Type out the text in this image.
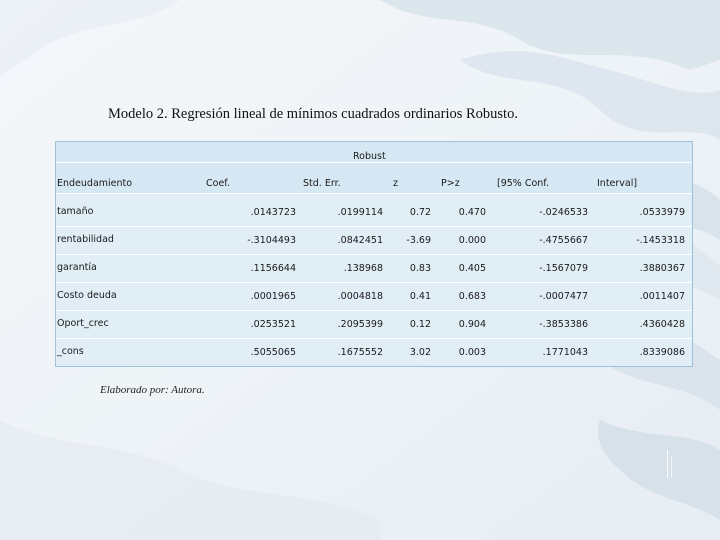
Modelo 2. Regresión lineal de mínimos cuadrados ordinarios Robusto.
Robust
Endeudamiento	Coef.	Std. Err.	z	P>z	[95% Conf.	Interval]
tamaño	.0143723	.0199114	0.72	0.470	-.0246533	.0533979
rentabilidad	-.3104493	.0842451	-3.69	0.000	-.4755667	-.1453318
garantía	.1156644	.138968	0.83	0.405	-.1567079	.3880367
Costo deuda	.0001965	.0004818	0.41	0.683	-.0007477	.0011407
Oport_crec	.0253521	.2095399	0.12	0.904	-.3853386	.4360428
_cons	.5055065	.1675552	3.02	0.003	.1771043	.8339086
Elaborado por: Autora.
